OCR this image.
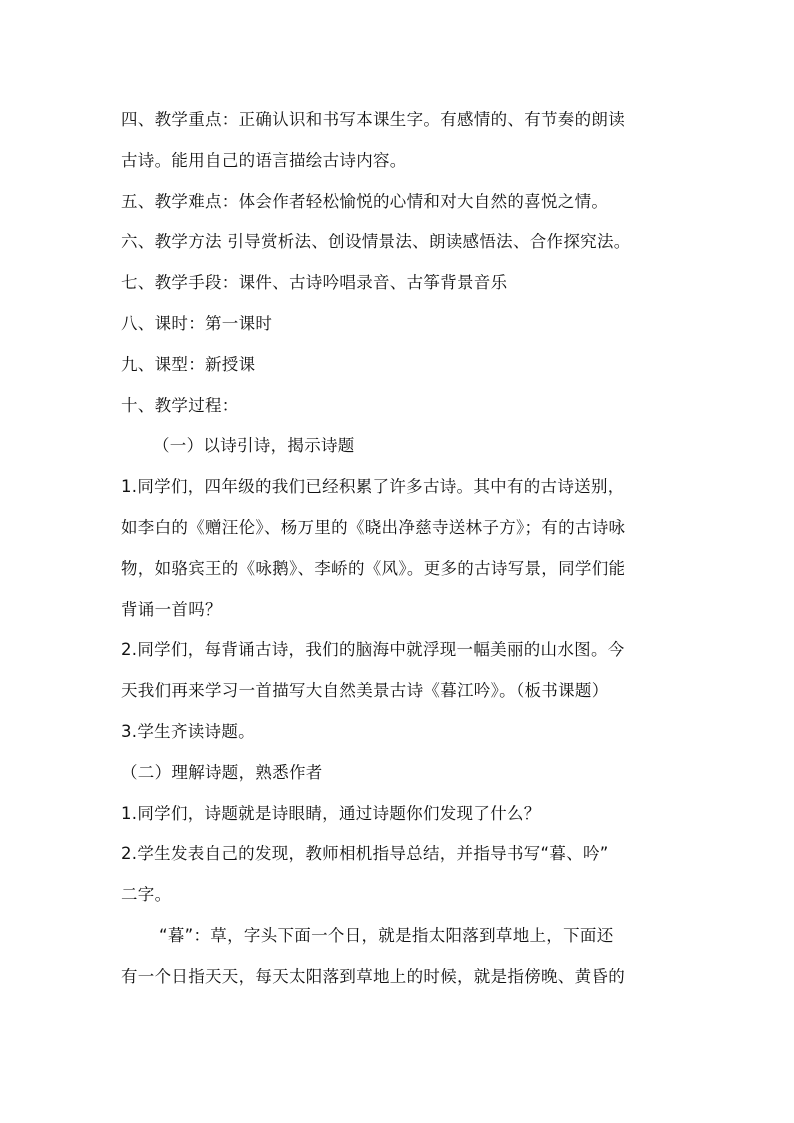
四、教学重点：正确认识和书写本课生字。有感情的、有节奏的朗读
古诗。能用自己的语言描绘古诗内容。

五、教学难点：体会作者轻松愉悦的心情和对大自然的喜悦之情。

六、教学方法 引导赏析法、创设情景法、朗读感悟法、合作探究法。

七、教学手段：课件、古诗吟唱录音、古筝背景音乐

八、课时：第一课时

九、课型：新授课

十、教学过程：

（一）以诗引诗，揭示诗题

1.同学们，四年级的我们已经积累了许多古诗。其中有的古诗送别，
如李白的《赠汪伦》、杨万里的《晓出净慈寺送林子方》；有的古诗咏
物，如骆宾王的《咏鹅》、李峤的《风》。更多的古诗写景，同学们能
背诵一首吗？

2.同学们，每背诵古诗，我们的脑海中就浮现一幅美丽的山水图。今
天我们再来学习一首描写大自然美景古诗《暮江吟》。（板书课题）

3.学生齐读诗题。

（二）理解诗题，熟悉作者

1.同学们，诗题就是诗眼睛，通过诗题你们发现了什么？

2.学生发表自己的发现，教师相机指导总结，并指导书写“暮、吟”
二字。

“暮”：草，字头下面一个日，就是指太阳落到草地上，下面还
有一个日指天天，每天太阳落到草地上的时候，就是指傍晚、黄昏的
